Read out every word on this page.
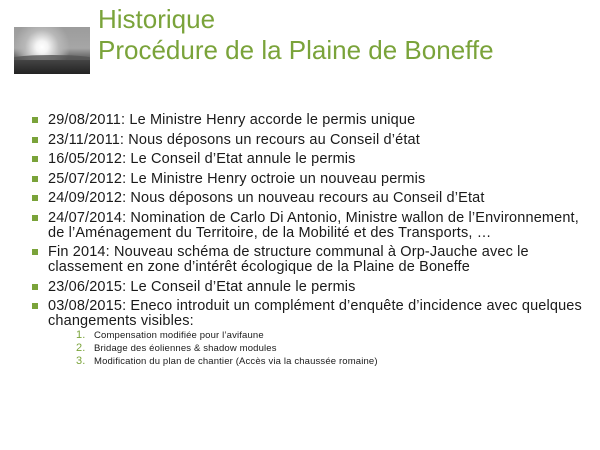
Historique
Procédure de la Plaine de Boneffe
29/08/2011: Le Ministre Henry accorde le permis unique
23/11/2011: Nous déposons un recours au Conseil d’état
16/05/2012: Le Conseil d’Etat annule le permis
25/07/2012: Le Ministre Henry octroie un nouveau permis
24/09/2012: Nous déposons un nouveau recours au Conseil d’Etat
24/07/2014: Nomination de Carlo Di Antonio, Ministre wallon de l’Environnement, de l’Aménagement du Territoire, de la Mobilité et des Transports, …
Fin 2014: Nouveau schéma de structure communal à Orp-Jauche avec le classement en zone d’intérêt écologique de la Plaine de Boneffe
23/06/2015: Le Conseil d’Etat annule le permis
03/08/2015: Eneco introduit un complément d’enquête d’incidence avec quelques changements visibles:
1. Compensation modifiée pour l’avifaune
2. Bridage des éoliennes & shadow modules
3. Modification du plan de chantier (Accès via la chaussée romaine)
